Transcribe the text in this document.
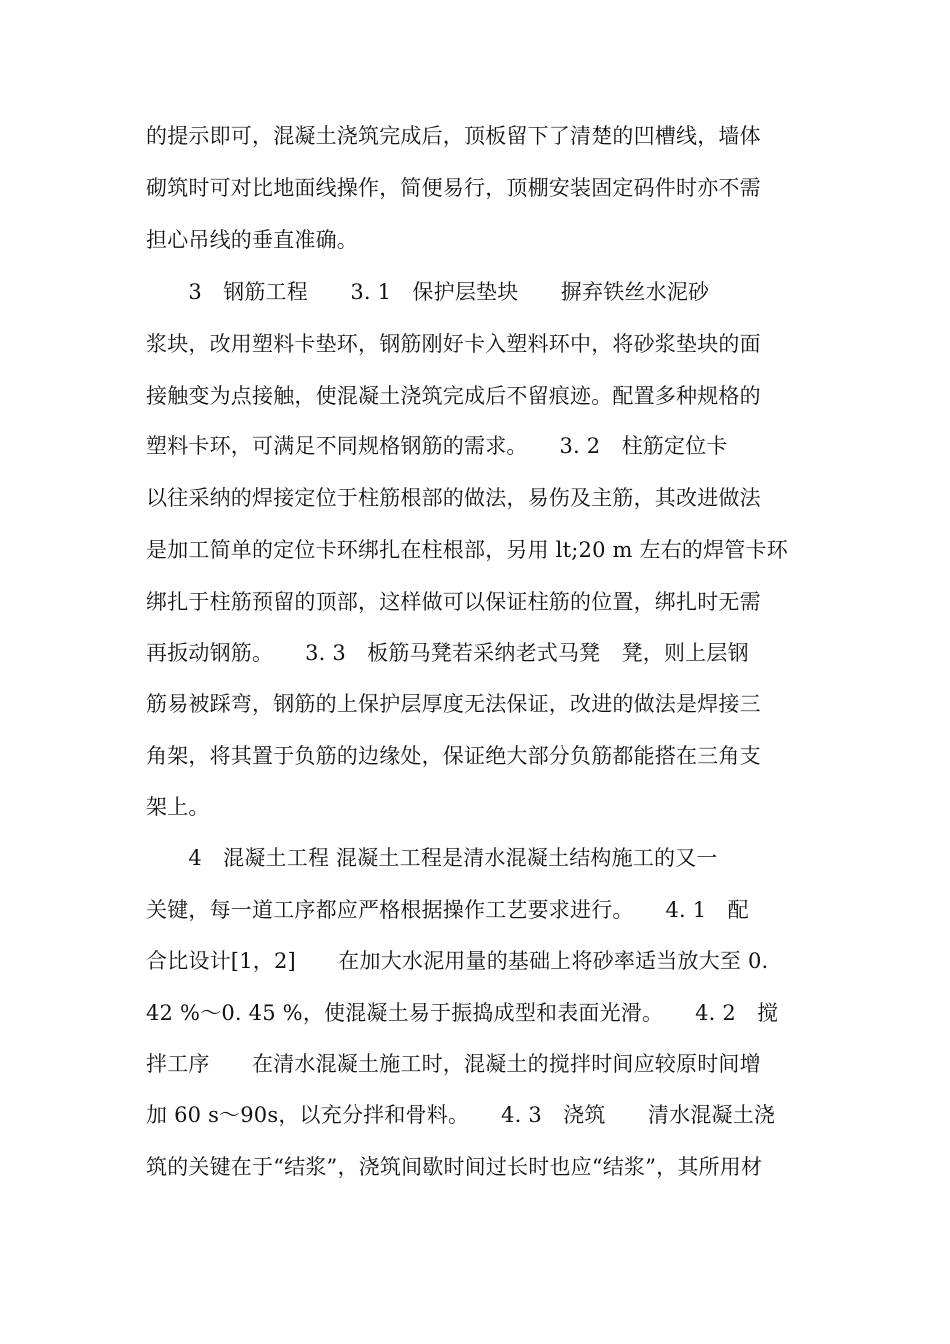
的提示即可，混凝土浇筑完成后，顶板留下了清楚的凹槽线，墙体
砌筑时可对比地面线操作，简便易行，顶棚安装固定码件时亦不需
担心吊线的垂直准确。
　　3　钢筋工程　　3. 1　保护层垫块　　摒弃铁丝水泥砂
浆块，改用塑料卡垫环，钢筋刚好卡入塑料环中，将砂浆垫块的面
接触变为点接触，使混凝土浇筑完成后不留痕迹。配置多种规格的
塑料卡环，可满足不同规格钢筋的需求。　　3. 2　柱筋定位卡
以往采纳的焊接定位于柱筋根部的做法，易伤及主筋，其改进做法
是加工简单的定位卡环绑扎在柱根部，另用 lt;20 m 左右的焊管卡环
绑扎于柱筋预留的顶部，这样做可以保证柱筋的位置，绑扎时无需
再扳动钢筋。　　3. 3　板筋马凳若采纳老式马凳　凳，则上层钢
筋易被踩弯，钢筋的上保护层厚度无法保证，改进的做法是焊接三
角架，将其置于负筋的边缘处，保证绝大部分负筋都能搭在三角支
架上。
　　4　混凝土工程 混凝土工程是清水混凝土结构施工的又一
关键，每一道工序都应严格根据操作工艺要求进行。　　4. 1　配
合比设计[1，2]　　在加大水泥用量的基础上将砂率适当放大至 0.
42 %～0. 45 %，使混凝土易于振捣成型和表面光滑。　　4. 2　搅
拌工序　　在清水混凝土施工时，混凝土的搅拌时间应较原时间增
加 60 s～90s，以充分拌和骨料。　　4. 3　浇筑　　清水混凝土浇
筑的关键在于“结浆”，浇筑间歇时间过长时也应“结浆”，其所用材
